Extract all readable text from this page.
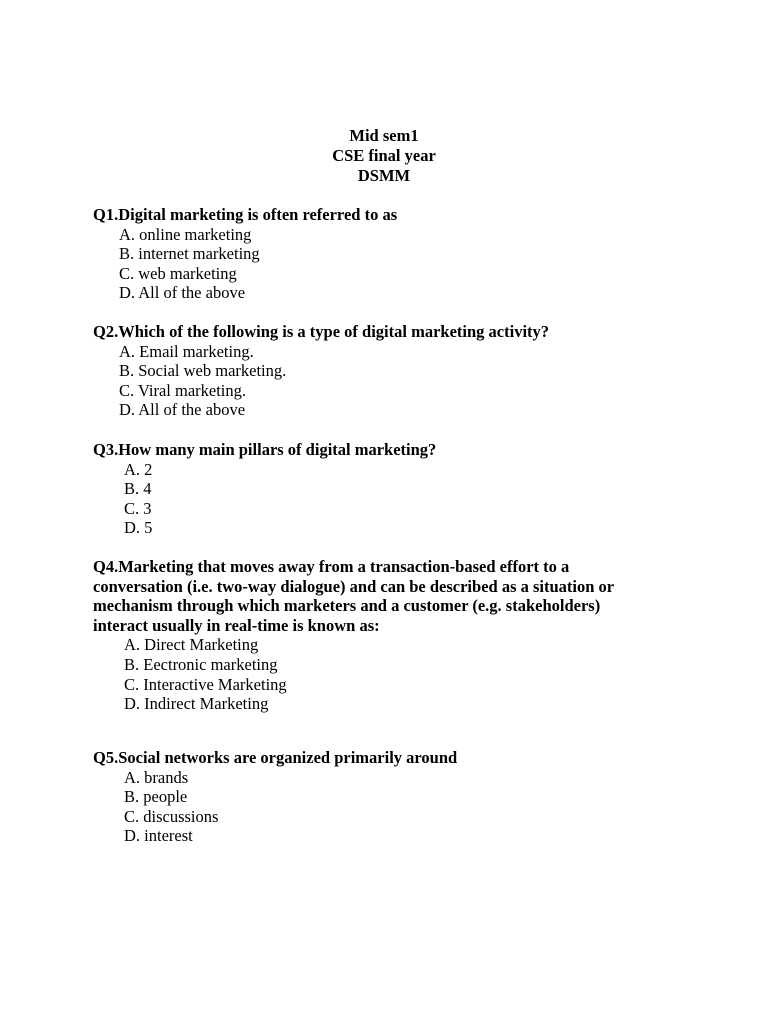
Mid sem1
CSE final year
DSMM
Q1.Digital marketing is often referred to as
A. online marketing
B. internet marketing
C. web marketing
D. All of the above
Q2.Which of the following is a type of digital marketing activity?
A. Email marketing.
B. Social web marketing.
C. Viral marketing.
D. All of the above
Q3.How many main pillars of digital marketing?
A. 2
B. 4
C. 3
D. 5
Q4.Marketing that moves away from a transaction-based effort to a
conversation (i.e. two-way dialogue) and can be described as a situation or
mechanism through which marketers and a customer (e.g. stakeholders)
interact usually in real-time is known as:
A. Direct Marketing
B. Eectronic marketing
C. Interactive Marketing
D. Indirect Marketing
Q5.Social networks are organized primarily around
A. brands
B. people
C. discussions
D. interest
